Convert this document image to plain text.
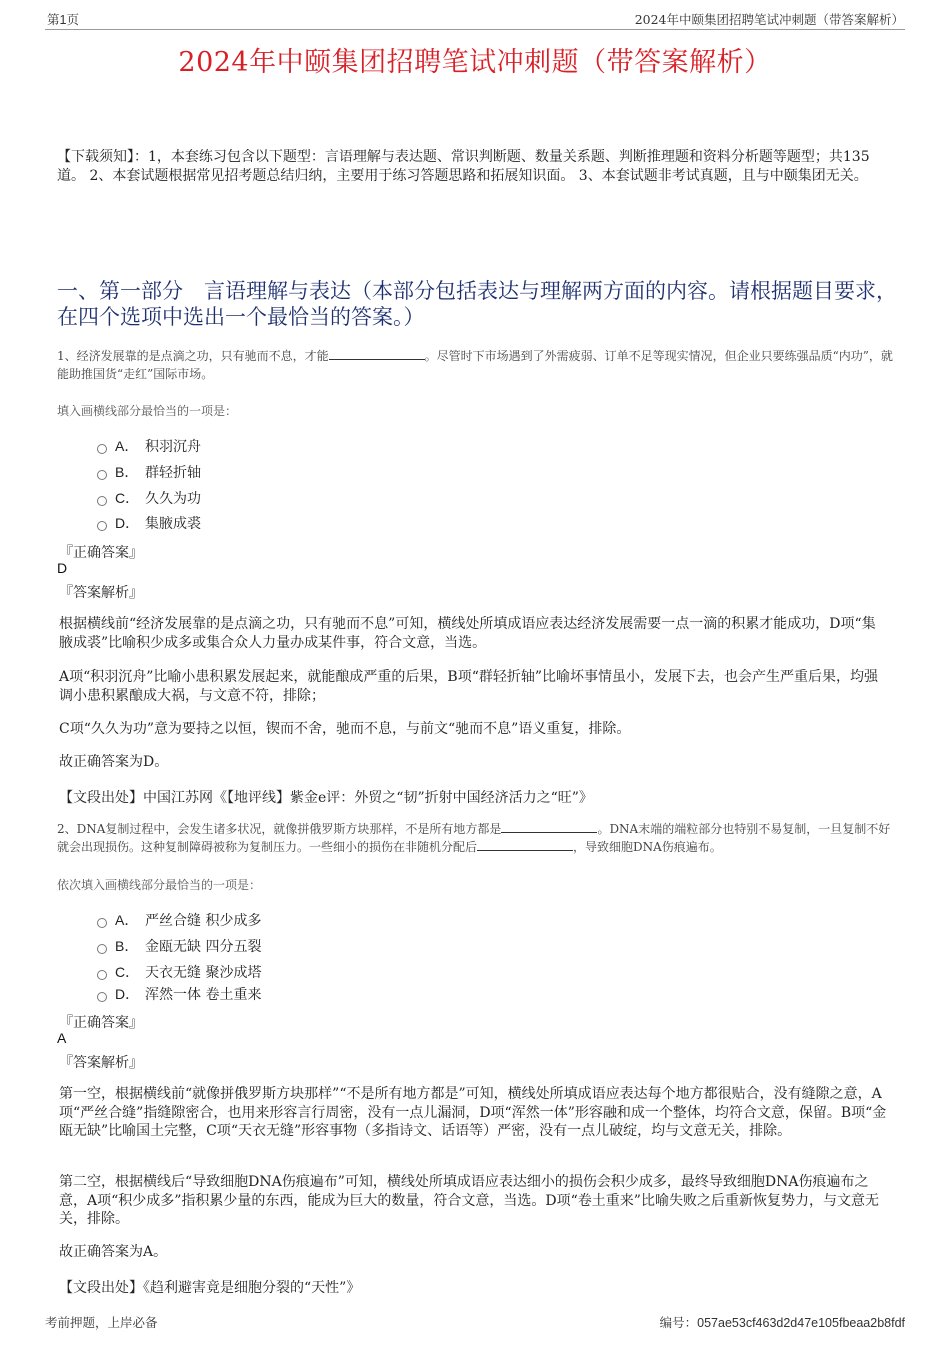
第1页	2024年中颐集团招聘笔试冲刺题（带答案解析）
2024年中颐集团招聘笔试冲刺题（带答案解析）
【下载须知】：1，本套练习包含以下题型：言语理解与表达题、常识判断题、数量关系题、判断推理题和资料分析题等题型；共135道。 2、本套试题根据常见招考题总结归纳，主要用于练习答题思路和拓展知识面。 3、本套试题非考试真题，且与中颐集团无关。
一、第一部分　言语理解与表达（本部分包括表达与理解两方面的内容。请根据题目要求，在四个选项中选出一个最恰当的答案。）
1、经济发展靠的是点滴之功，只有驰而不息，才能	。尽管时下市场遇到了外需疲弱、订单不足等现实情况，但企业只要练强品质“内功”，就能助推国货“走红”国际市场。
填入画横线部分最恰当的一项是：
A． 积羽沉舟
B． 群轻折轴
C． 久久为功
D． 集腋成裘
『正确答案』
D
『答案解析』
根据横线前“经济发展靠的是点滴之功，只有驰而不息”可知，横线处所填成语应表达经济发展需要一点一滴的积累才能成功，D项“集腋成裘”比喻积少成多或集合众人力量办成某件事，符合文意，当选。
A项“积羽沉舟”比喻小患积累发展起来，就能酿成严重的后果，B项“群轻折轴”比喻坏事情虽小，发展下去，也会产生严重后果，均强调小患积累酿成大祸，与文意不符，排除；
C项“久久为功”意为要持之以恒，锲而不舍，驰而不息，与前文“驰而不息”语义重复，排除。
故正确答案为D。
【文段出处】中国江苏网《【地评线】紫金e评：外贸之“韧”折射中国经济活力之“旺”》
2、DNA复制过程中，会发生诸多状况，就像拼俄罗斯方块那样，不是所有地方都是	。DNA末端的端粒部分也特别不易复制，一旦复制不好就会出现损伤。这种复制障碍被称为复制压力。一些细小的损伤在非随机分配后	，导致细胞DNA伤痕遍布。
依次填入画横线部分最恰当的一项是：
A． 严丝合缝 积少成多
B． 金瓯无缺 四分五裂
C． 天衣无缝 聚沙成塔
D． 浑然一体 卷土重来
『正确答案』
A
『答案解析』
第一空，根据横线前“就像拼俄罗斯方块那样”“不是所有地方都是”可知，横线处所填成语应表达每个地方都很贴合，没有缝隙之意，A项“严丝合缝”指缝隙密合，也用来形容言行周密，没有一点儿漏洞，D项“浑然一体”形容融和成一个整体，均符合文意，保留。B项“金瓯无缺”比喻国土完整，C项“天衣无缝”形容事物（多指诗文、话语等）严密，没有一点儿破绽，均与文意无关，排除。
第二空，根据横线后“导致细胞DNA伤痕遍布”可知，横线处所填成语应表达细小的损伤会积少成多，最终导致细胞DNA伤痕遍布之意，A项“积少成多”指积累少量的东西，能成为巨大的数量，符合文意，当选。D项“卷土重来”比喻失败之后重新恢复势力，与文意无关，排除。
故正确答案为A。
【文段出处】《趋利避害竟是细胞分裂的“天性”》
考前押题，上岸必备	编号：057ae53cf463d2d47e105fbeaa2b8fdf
